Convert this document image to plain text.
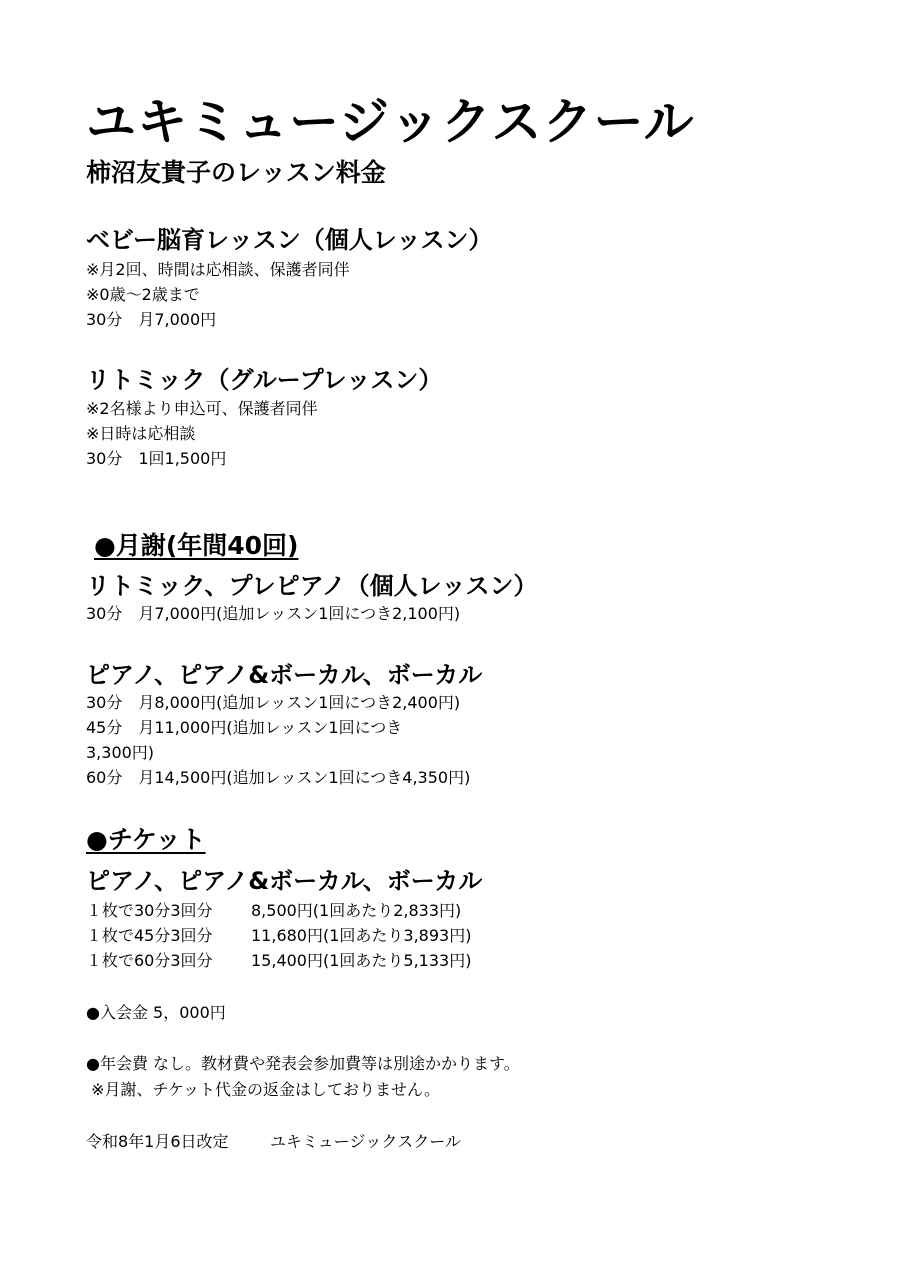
ユキミュージックスクール
柿沼友貴子のレッスン料金
ベビー脳育レッスン（個人レッスン）
※月2回、時間は応相談、保護者同伴
※0歳〜2歳まで
30分　月7,000円
リトミック（グループレッスン）
※2名様より申込可、保護者同伴
※日時は応相談
30分　1回1,500円
●月謝(年間40回)
リトミック、プレピアノ（個人レッスン）
30分　月7,000円(追加レッスン1回につき2,100円)
ピアノ、ピアノ&ボーカル、ボーカル
30分　月8,000円(追加レッスン1回につき2,400円)
45分　月11,000円(追加レッスン1回につき
3,300円)
60分　月14,500円(追加レッスン1回につき4,350円)
●チケット
ピアノ、ピアノ&ボーカル、ボーカル
１枚で30分3回分 8,500円(1回あたり2,833円)
１枚で45分3回分 11,680円(1回あたり3,893円)
１枚で60分3回分 15,400円(1回あたり5,133円)
●入会金 5，000円
●年会費 なし。教材費や発表会参加費等は別途かかります。
※月謝、チケット代金の返金はしておりません。
令和8年1月6日改定	ユキミュージックスクール
